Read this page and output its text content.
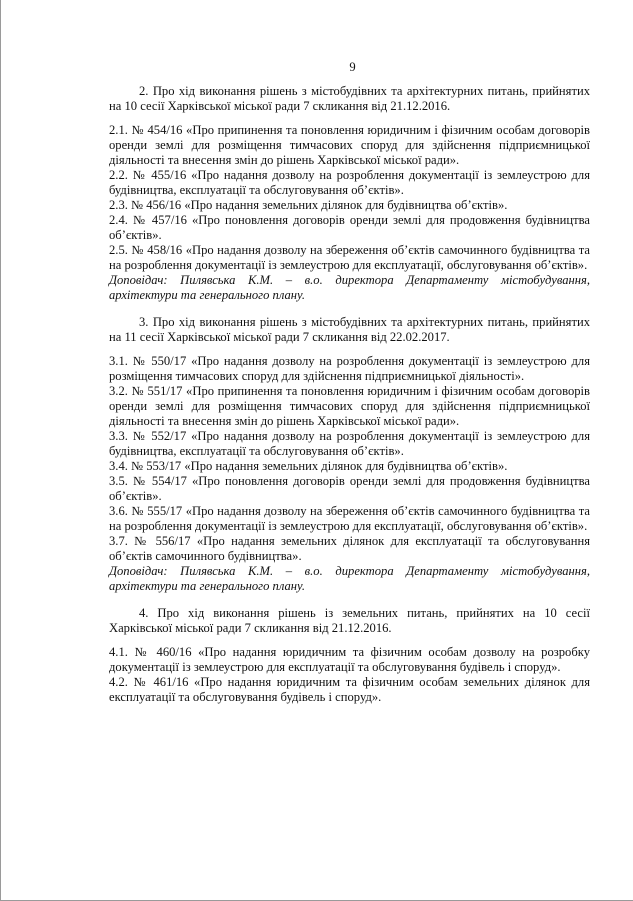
9

2. Про хід виконання рішень з містобудівних та архітектурних питань, прийнятих на 10 сесії Харківської міської ради 7 скликання від 21.12.2016.

2.1. № 454/16 «Про припинення та поновлення юридичним і фізичним особам договорів оренди землі для розміщення тимчасових споруд для здійснення підприємницької діяльності та внесення змін до рішень Харківської міської ради».

2.2. № 455/16 «Про надання дозволу на розроблення документації із землеустрою для будівництва, експлуатації та обслуговування об’єктів».

2.3. № 456/16 «Про надання земельних ділянок для будівництва об’єктів».

2.4. № 457/16 «Про поновлення договорів оренди землі для продовження будівництва об’єктів».

2.5. № 458/16 «Про надання дозволу на збереження об’єктів самочинного будівництва та на розроблення документації із землеустрою для експлуатації, обслуговування об’єктів».

Доповідач: Пилявська К.М. – в.о. директора Департаменту містобудування, архітектури та генерального плану.

3. Про хід виконання рішень з містобудівних та архітектурних питань, прийнятих на 11 сесії Харківської міської ради 7 скликання від 22.02.2017.

3.1. № 550/17 «Про надання дозволу на розроблення документації із землеустрою для розміщення тимчасових споруд для здійснення підприємницької діяльності».

3.2. № 551/17 «Про припинення та поновлення юридичним і фізичним особам договорів оренди землі для розміщення тимчасових споруд для здійснення підприємницької діяльності та внесення змін до рішень Харківської міської ради».

3.3. № 552/17 «Про надання дозволу на розроблення документації із землеустрою для будівництва, експлуатації та обслуговування об’єктів».

3.4. № 553/17 «Про надання земельних ділянок для будівництва об’єктів».

3.5. № 554/17 «Про поновлення договорів оренди землі для продовження будівництва об’єктів».

3.6. № 555/17 «Про надання дозволу на збереження об’єктів самочинного будівництва та на розроблення документації із землеустрою для експлуатації, обслуговування об’єктів».

3.7. № 556/17 «Про надання земельних ділянок для експлуатації та обслуговування об’єктів самочинного будівництва».

Доповідач: Пилявська К.М. – в.о. директора Департаменту містобудування, архітектури та генерального плану.

4. Про хід виконання рішень із земельних питань, прийнятих на 10 сесії Харківської міської ради 7 скликання від 21.12.2016.

4.1. № 460/16 «Про надання юридичним та фізичним особам дозволу на розробку документації із землеустрою для експлуатації та обслуговування будівель і споруд».

4.2. № 461/16 «Про надання юридичним та фізичним особам земельних ділянок для експлуатації та обслуговування будівель і споруд».
